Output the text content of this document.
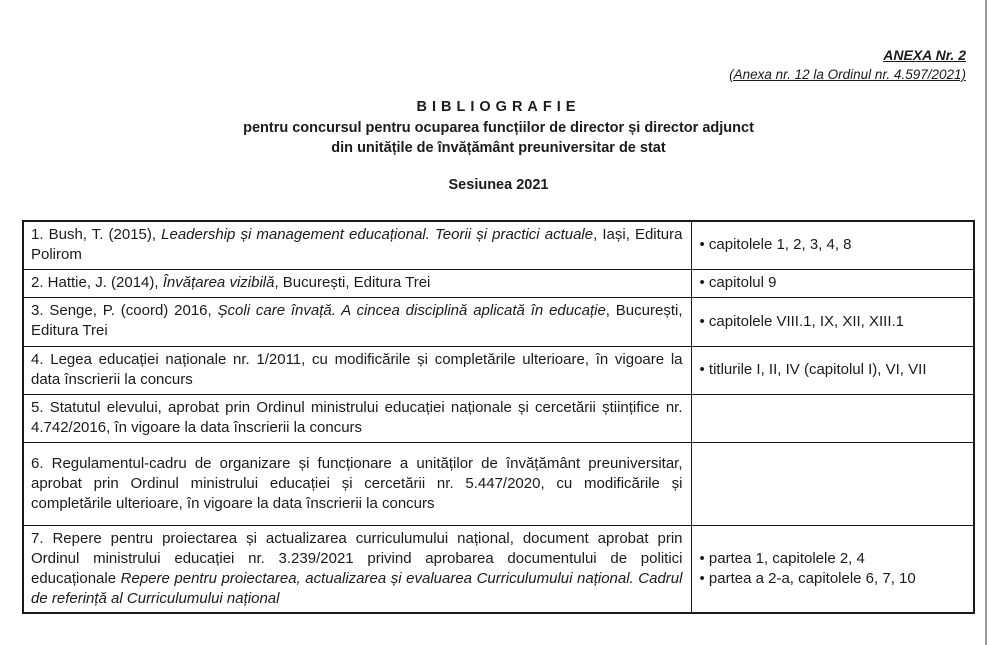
ANEXA Nr. 2
(Anexa nr. 12 la Ordinul nr. 4.597/2021)
BIBLIOGRAFIE
pentru concursul pentru ocuparea funcțiilor de director și director adjunct
din unitățile de învățământ preuniversitar de stat
Sesiunea 2021
1. Bush, T. (2015), Leadership și management educațional. Teorii și practici actuale, Iași, Editura Polirom	• capitolele 1, 2, 3, 4, 8

2. Hattie, J. (2014), Învățarea vizibilă, București, Editura Trei	• capitolul 9

3. Senge, P. (coord) 2016, Școli care învață. A cincea disciplină aplicată în educație, București, Editura Trei	• capitolele VIII.1, IX, XII, XIII.1

4. Legea educației naționale nr. 1/2011, cu modificările și completările ulterioare, în vigoare la data înscrierii la concurs	• titlurile I, II, IV (capitolul I), VI, VII

5. Statutul elevului, aprobat prin Ordinul ministrului educației naționale și cercetării științifice nr. 4.742/2016, în vigoare la data înscrierii la concurs	
6. Regulamentul-cadru de organizare și funcționare a unităților de învățământ preuniversitar, aprobat prin Ordinul ministrului educației și cercetării nr. 5.447/2020, cu modificările și completările ulterioare, în vigoare la data înscrierii la concurs	
7. Repere pentru proiectarea și actualizarea curriculumului național, document aprobat prin Ordinul ministrului educației nr. 3.239/2021 privind aprobarea documentului de politici educaționale Repere pentru proiectarea, actualizarea și evaluarea Curriculumului național. Cadrul de referință al Curriculumului național	• partea 1, capitolele 2, 4
• partea a 2-a, capitolele 6, 7, 10
